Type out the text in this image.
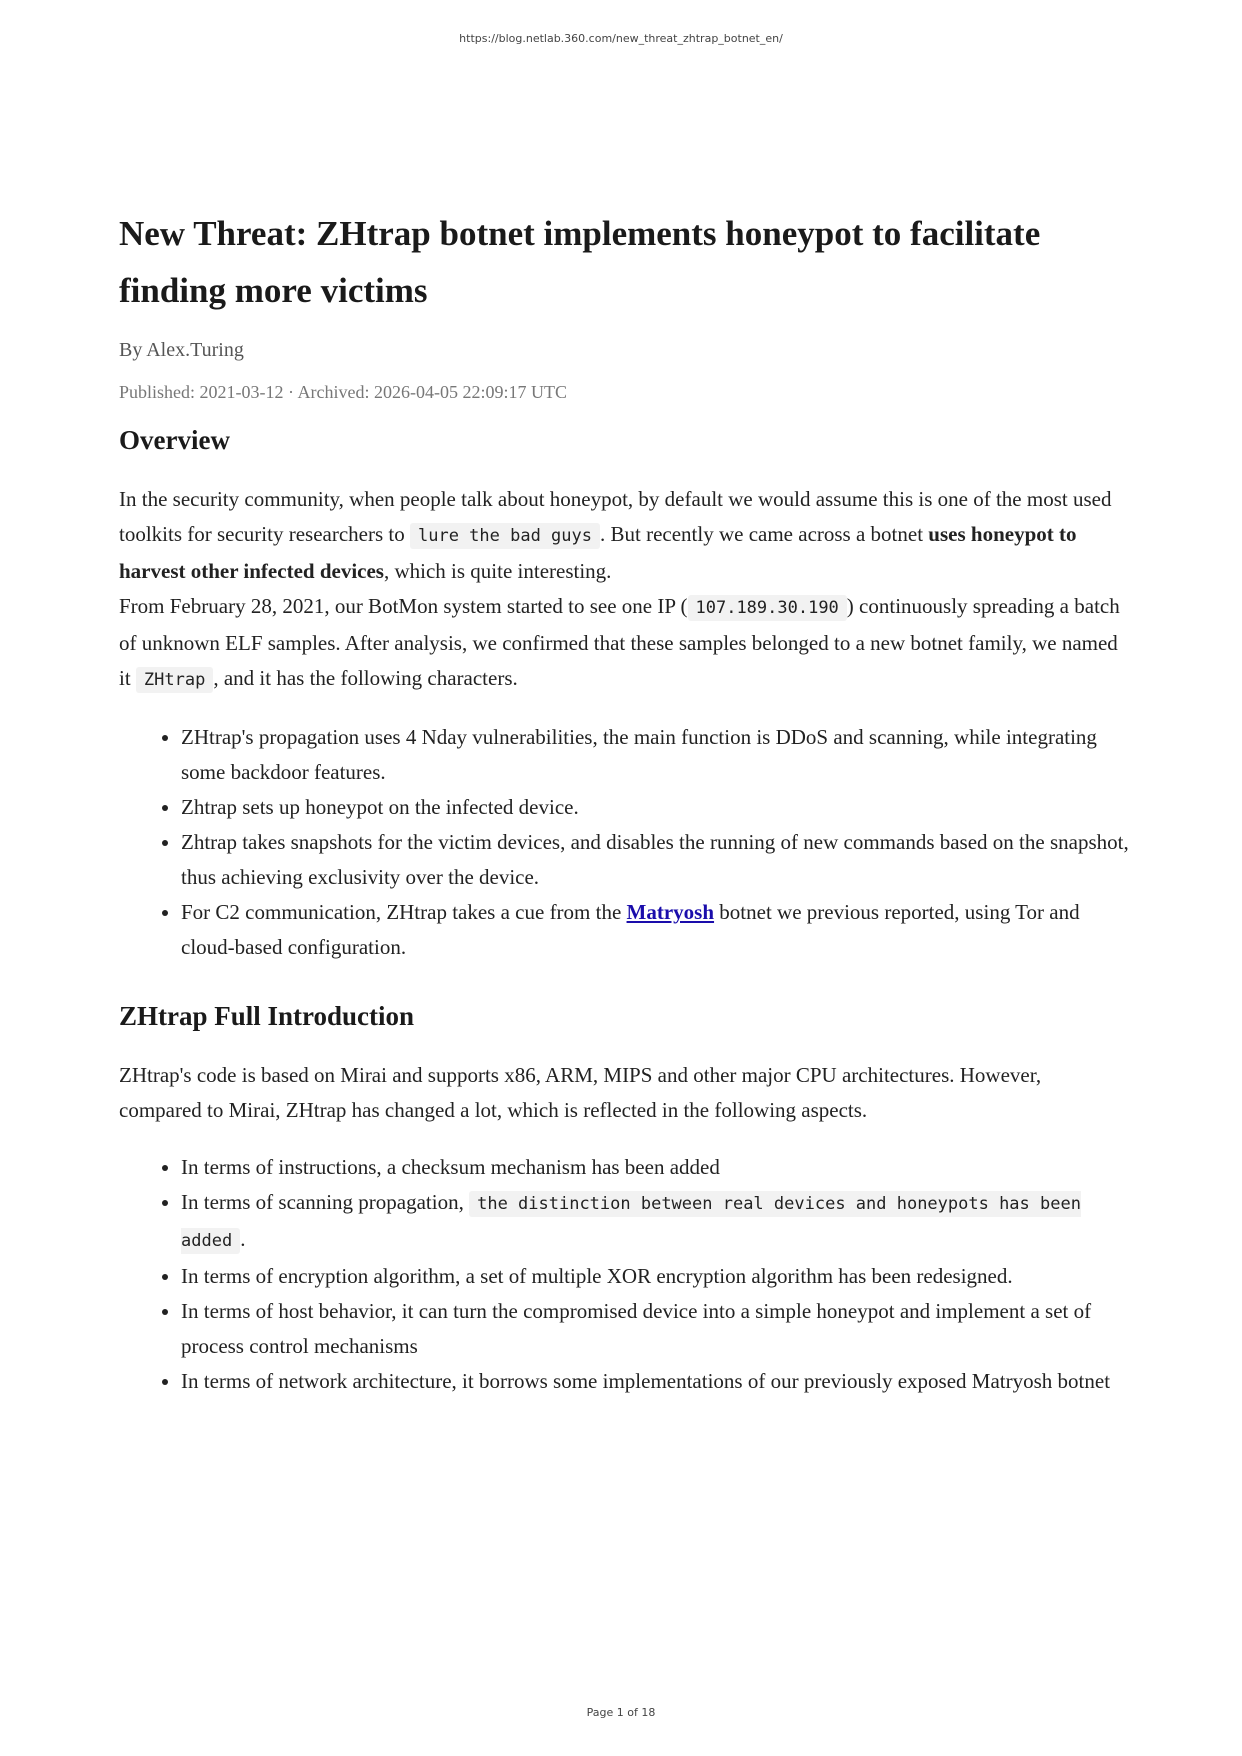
https://blog.netlab.360.com/new_threat_zhtrap_botnet_en/
New Threat: ZHtrap botnet implements honeypot to facilitate finding more victims
By Alex.Turing
Published: 2021-03-12 · Archived: 2026-04-05 22:09:17 UTC
Overview

In the security community, when people talk about honeypot, by default we would assume this is one of the most used toolkits for security researchers to lure the bad guys . But recently we came across a botnet uses honeypot to harvest other infected devices, which is quite interesting.

From February 28, 2021, our BotMon system started to see one IP ( 107.189.30.190 ) continuously spreading a batch of unknown ELF samples. After analysis, we confirmed that these samples belonged to a new botnet family, we named it ZHtrap , and it has the following characters.

• ZHtrap's propagation uses 4 Nday vulnerabilities, the main function is DDoS and scanning, while integrating some backdoor features.
• Zhtrap sets up honeypot on the infected device.
• Zhtrap takes snapshots for the victim devices, and disables the running of new commands based on the snapshot, thus achieving exclusivity over the device.
• For C2 communication, ZHtrap takes a cue from the Matryosh botnet we previous reported, using Tor and cloud-based configuration.
ZHtrap Full Introduction

ZHtrap's code is based on Mirai and supports x86, ARM, MIPS and other major CPU architectures. However, compared to Mirai, ZHtrap has changed a lot, which is reflected in the following aspects.

• In terms of instructions, a checksum mechanism has been added
• In terms of scanning propagation, the distinction between real devices and honeypots has been added .
• In terms of encryption algorithm, a set of multiple XOR encryption algorithm has been redesigned.
• In terms of host behavior, it can turn the compromised device into a simple honeypot and implement a set of process control mechanisms
• In terms of network architecture, it borrows some implementations of our previously exposed Matryosh botnet
Page 1 of 18
